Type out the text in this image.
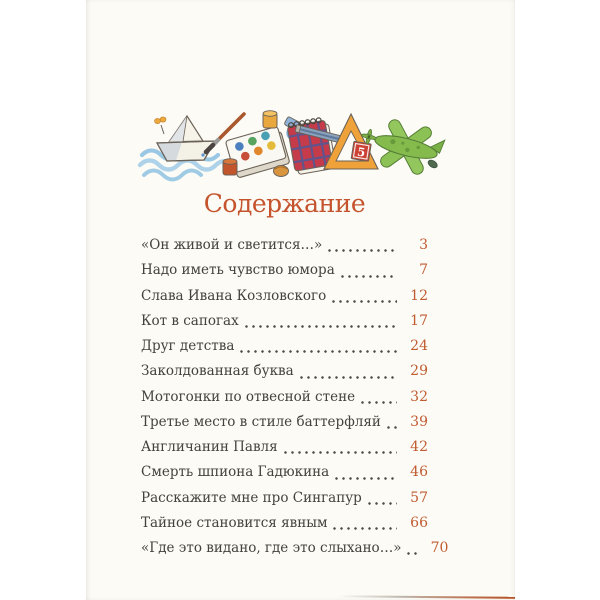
5
Содержание
«Он живой и светится…»	3
Надо иметь чувство юмора	7
Слава Ивана Козловского	12
Кот в сапогах	17
Друг детства	24
Заколдованная буква	29
Мотогонки по отвесной стене	32
Третье место в стиле баттерфляй	39
Англичанин Павля	42
Смерть шпиона Гадюкина	46
Расскажите мне про Сингапур	57
Тайное становится явным	66
«Где это видано, где это слыхано…»	70
